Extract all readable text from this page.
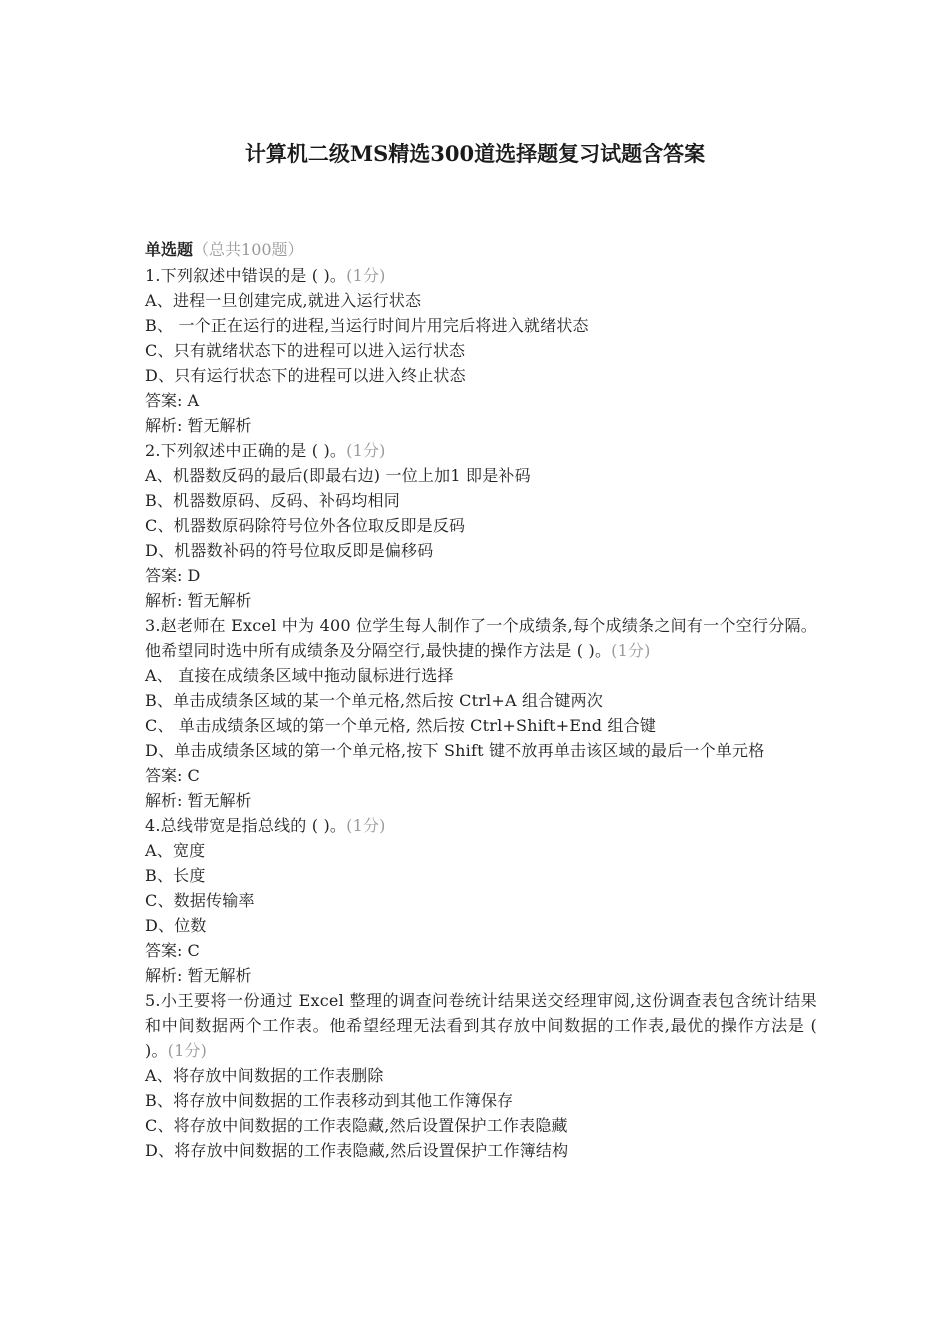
计算机二级MS精选300道选择题复习试题含答案
单选题（总共100题）
1.下列叙述中错误的是 ( )。(1分)
A、进程一旦创建完成,就进入运行状态
B、 一个正在运行的进程,当运行时间片用完后将进入就绪状态
C、只有就绪状态下的进程可以进入运行状态
D、只有运行状态下的进程可以进入终止状态
答案: A
解析: 暂无解析
2.下列叙述中正确的是 ( )。(1分)
A、机器数反码的最后(即最右边) 一位上加1 即是补码
B、机器数原码、反码、补码均相同
C、机器数原码除符号位外各位取反即是反码
D、机器数补码的符号位取反即是偏移码
答案: D
解析: 暂无解析
3.赵老师在 Excel 中为 400 位学生每人制作了一个成绩条,每个成绩条之间有一个空行分隔。他希望同时选中所有成绩条及分隔空行,最快捷的操作方法是 ( )。(1分)
A、 直接在成绩条区域中拖动鼠标进行选择
B、单击成绩条区域的某一个单元格,然后按 Ctrl+A 组合键两次
C、 单击成绩条区域的第一个单元格, 然后按 Ctrl+Shift+End 组合键
D、单击成绩条区域的第一个单元格,按下 Shift 键不放再单击该区域的最后一个单元格
答案: C
解析: 暂无解析
4.总线带宽是指总线的 ( )。(1分)
A、宽度
B、长度
C、数据传输率
D、位数
答案: C
解析: 暂无解析
5.小王要将一份通过 Excel 整理的调查问卷统计结果送交经理审阅,这份调查表包含统计结果和中间数据两个工作表。他希望经理无法看到其存放中间数据的工作表,最优的操作方法是 ( )。(1分)
A、将存放中间数据的工作表删除
B、将存放中间数据的工作表移动到其他工作簿保存
C、将存放中间数据的工作表隐藏,然后设置保护工作表隐藏
D、将存放中间数据的工作表隐藏,然后设置保护工作簿结构
